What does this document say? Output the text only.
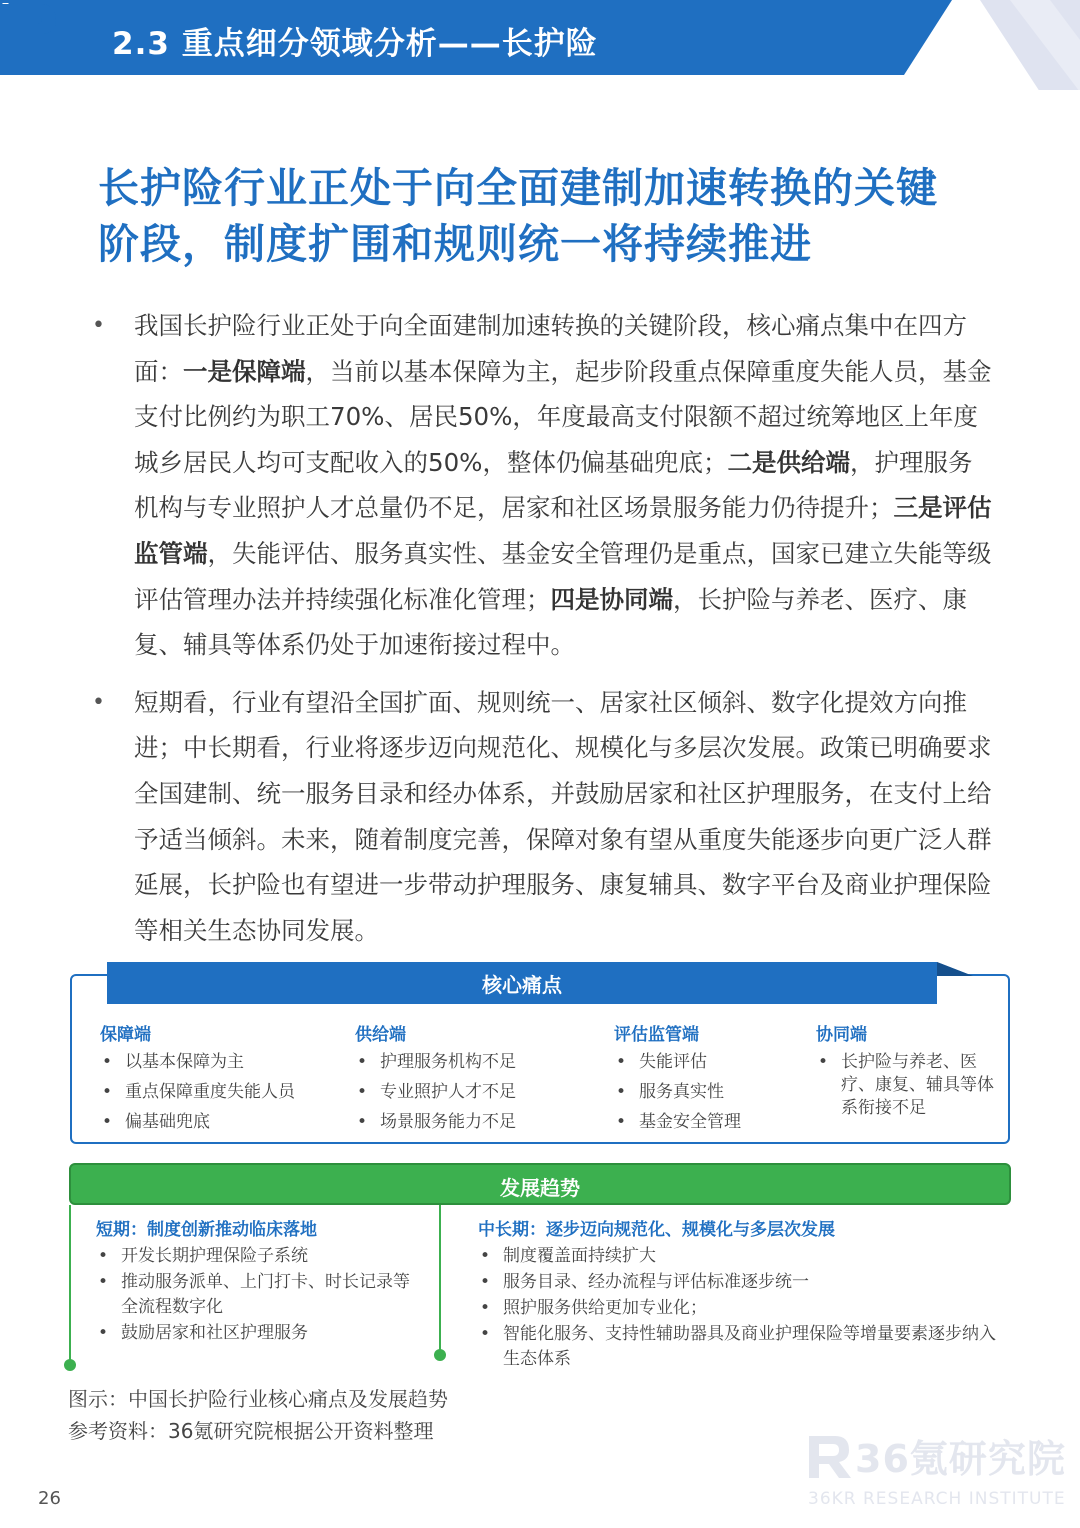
2.3 重点细分领域分析——长护险
长护险行业正处于向全面建制加速转换的关键
阶段，制度扩围和规则统一将持续推进
• 我国长护险行业正处于向全面建制加速转换的关键阶段，核心痛点集中在四方面：一是保障端，当前以基本保障为主，起步阶段重点保障重度失能人员，基金支付比例约为职工70%、居民50%，年度最高支付限额不超过统筹地区上年度城乡居民人均可支配收入的50%，整体仍偏基础兜底；二是供给端，护理服务机构与专业照护人才总量仍不足，居家和社区场景服务能力仍待提升；三是评估监管端，失能评估、服务真实性、基金安全管理仍是重点，国家已建立失能等级评估管理办法并持续强化标准化管理；四是协同端，长护险与养老、医疗、康复、辅具等体系仍处于加速衔接过程中。
• 短期看，行业有望沿全国扩面、规则统一、居家社区倾斜、数字化提效方向推进；中长期看，行业将逐步迈向规范化、规模化与多层次发展。政策已明确要求全国建制、统一服务目录和经办体系，并鼓励居家和社区护理服务，在支付上给予适当倾斜。未来，随着制度完善，保障对象有望从重度失能逐步向更广泛人群延展，长护险也有望进一步带动护理服务、康复辅具、数字平台及商业护理保险等相关生态协同发展。
核心痛点
保障端
• 以基本保障为主
• 重点保障重度失能人员
• 偏基础兜底
供给端
• 护理服务机构不足
• 专业照护人才不足
• 场景服务能力不足
评估监管端
• 失能评估
• 服务真实性
• 基金安全管理
协同端
• 长护险与养老、医疗、康复、辅具等体系衔接不足
发展趋势
短期：制度创新推动临床落地
• 开发长期护理保险子系统
• 推动服务派单、上门打卡、时长记录等全流程数字化
• 鼓励居家和社区护理服务
中长期：逐步迈向规范化、规模化与多层次发展
• 制度覆盖面持续扩大
• 服务目录、经办流程与评估标准逐步统一
• 照护服务供给更加专业化；
• 智能化服务、支持性辅助器具及商业护理保险等增量要素逐步纳入生态体系
图示：中国长护险行业核心痛点及发展趋势
参考资料：36氪研究院根据公开资料整理
36氪研究院
36KR RESEARCH INSTITUTE
26
